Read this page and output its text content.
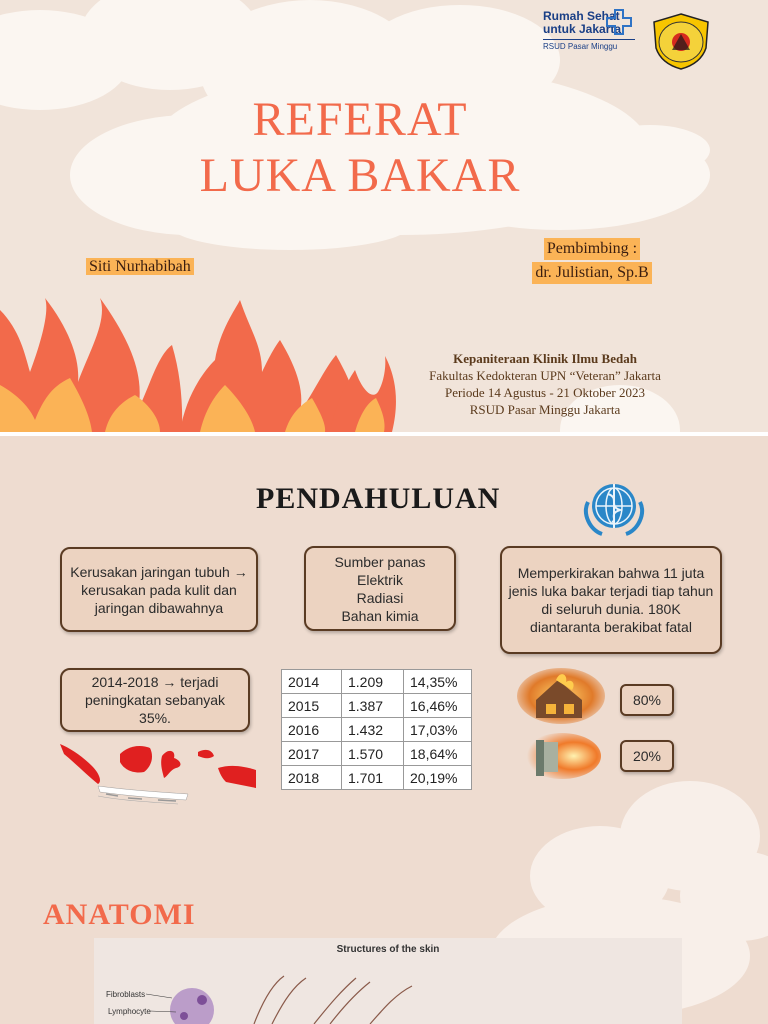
Rumah Sehat
untuk Jakarta
RSUD Pasar Minggu
REFERAT
LUKA BAKAR
Siti Nurhabibah
Pembimbing :
dr. Julistian, Sp.B
Kepaniteraan Klinik Ilmu Bedah
Fakultas Kedokteran UPN “Veteran” Jakarta
Periode 14 Agustus - 21 Oktober 2023
RSUD Pasar Minggu Jakarta
PENDAHULUAN
Kerusakan jaringan tubuh → kerusakan pada kulit dan jaringan dibawahnya
Sumber panas
Elektrik
Radiasi
Bahan kimia
Memperkirakan bahwa 11 juta jenis luka bakar terjadi tiap tahun di seluruh dunia. 180K diantaranta berakibat fatal
2014-2018 → terjadi peningkatan sebanyak 35%.
2014	1.209	14,35%
2015	1.387	16,46%
2016	1.432	17,03%
2017	1.570	18,64%
2018	1.701	20,19%
80%
20%
ANATOMI
Structures of the skin
Fibroblasts
Lymphocyte
